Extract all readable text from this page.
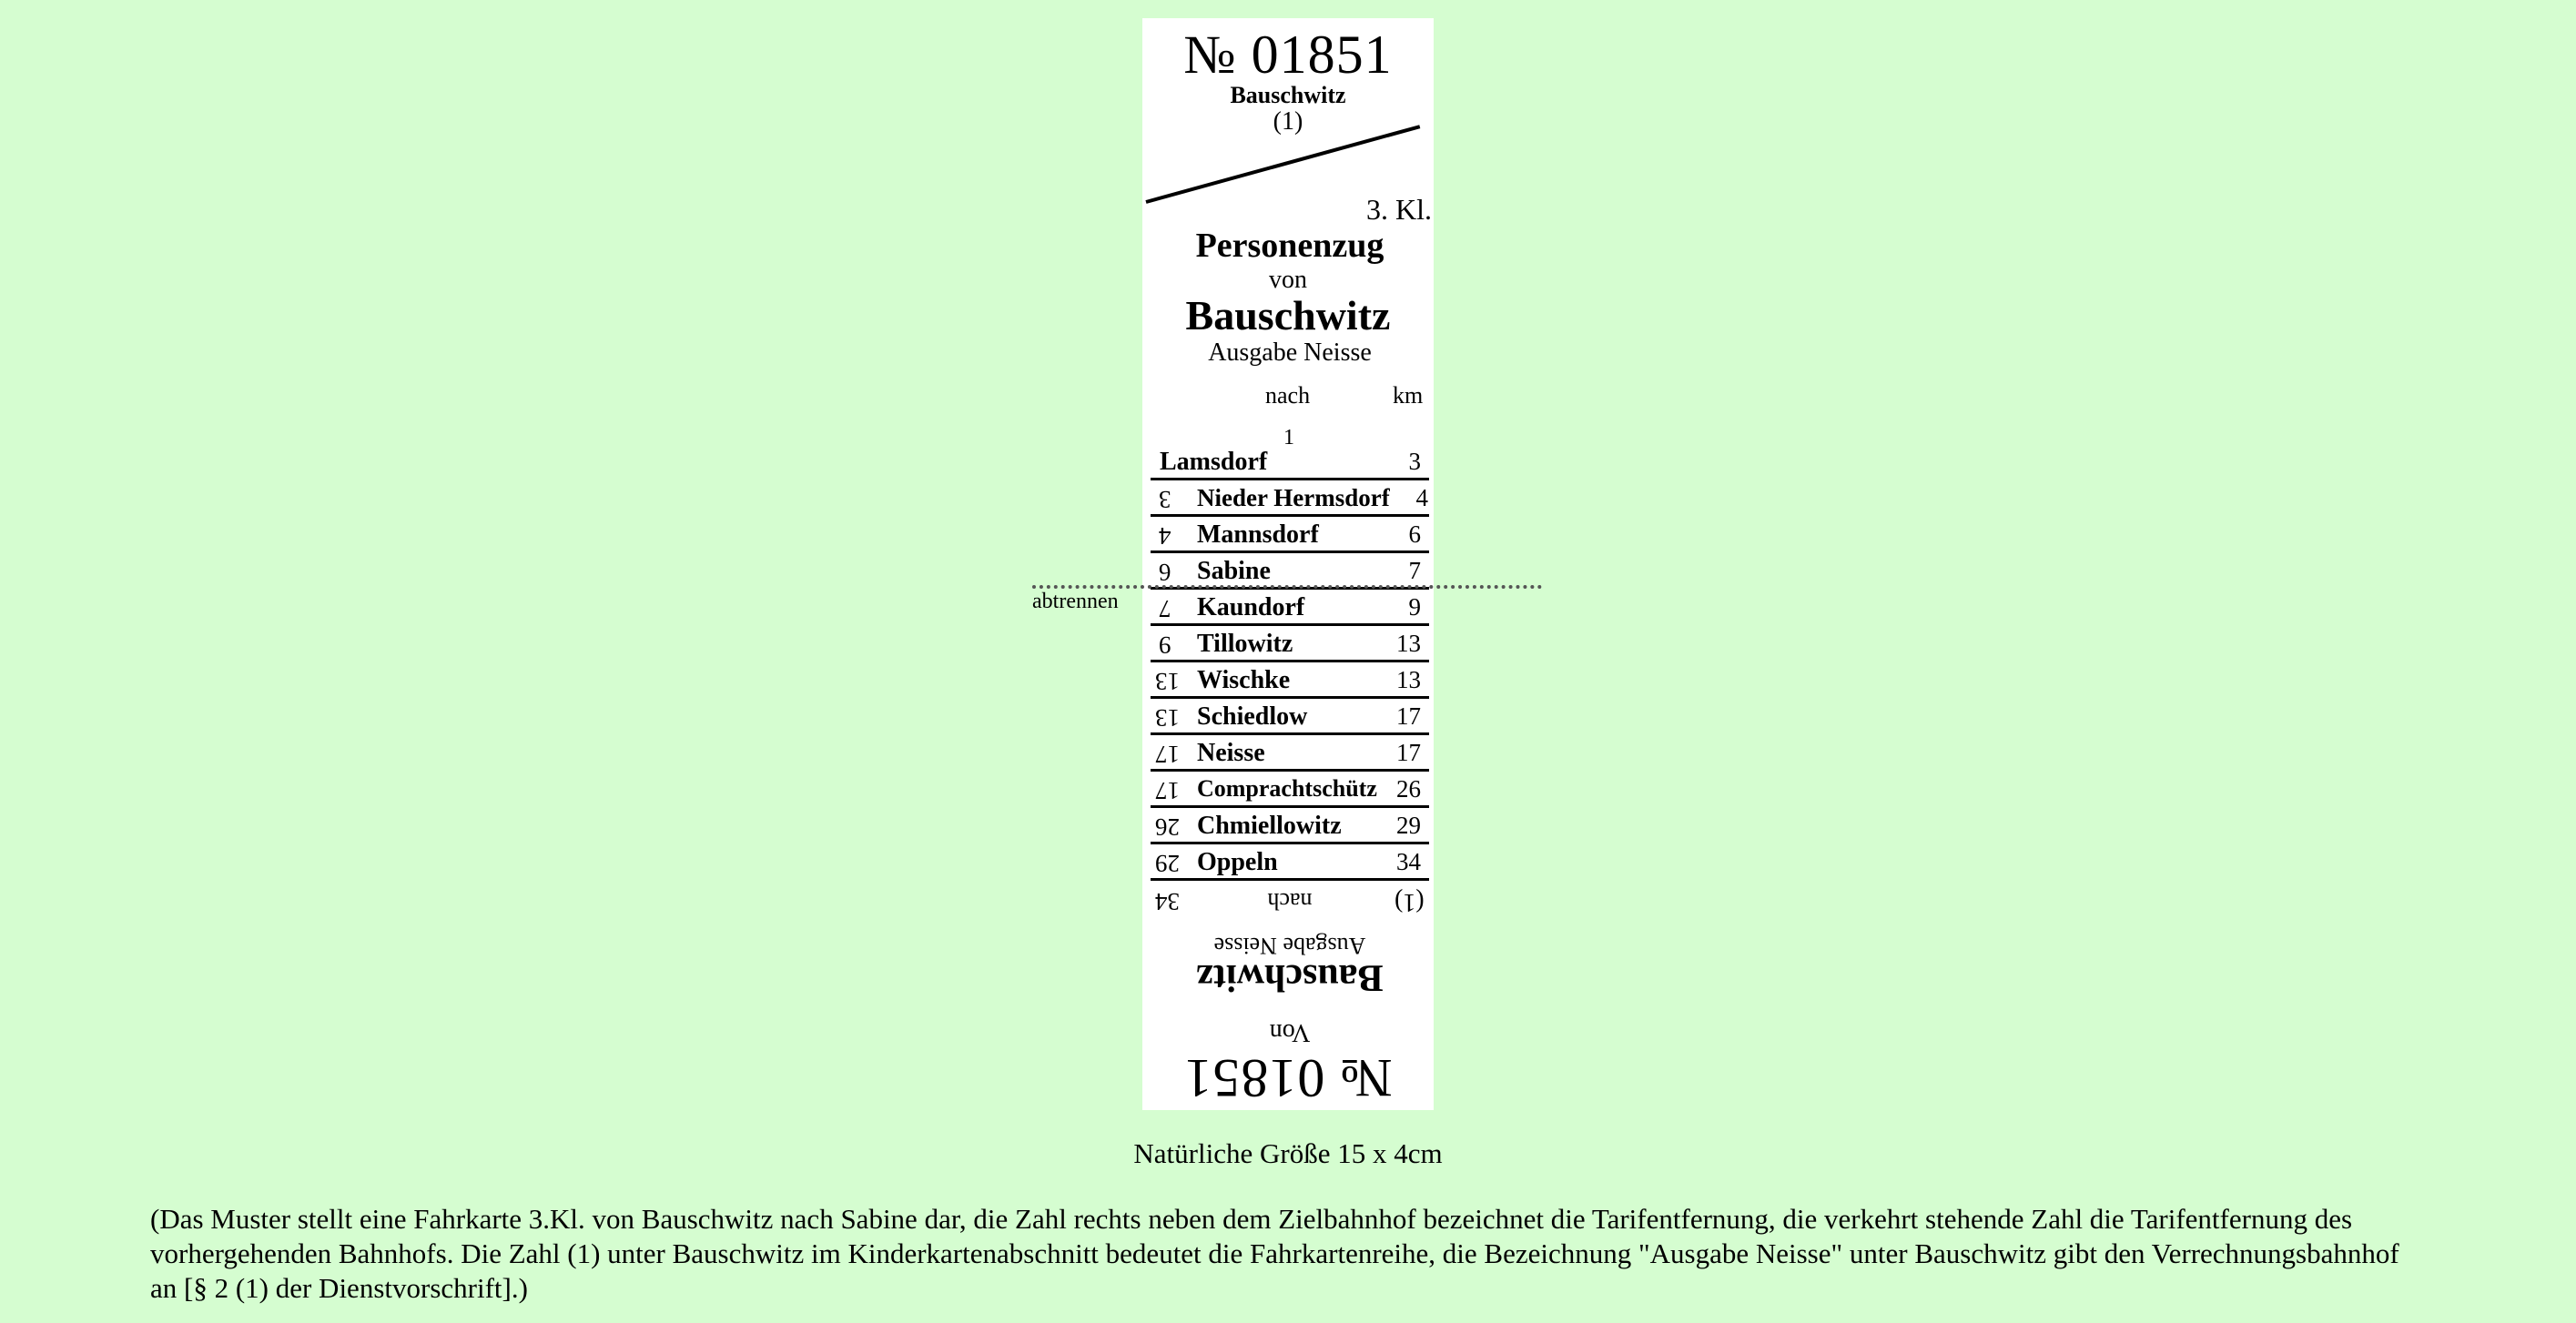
№ 01851
Bauschwitz
(1)
3. Kl.
Personenzug
von
Bauschwitz
Ausgabe Neisse
nach	km
1
Lamsdorf	3
3 Nieder Hermsdorf 4
4 Mannsdorf	6
6 Sabine	7
7 Kaundorf	9
9 Tillowitz	13
13 Wischke	13
13 Schiedlow	17
17 Neisse	17
17 Comprachtschütz 26
26 Chmiellowitz 29
29 Oppeln	34
34	nach	(1)
Ausgabe Neisse
Bauschwitz
Von
№ 01851
abtrennen
Natürliche Größe 15 x 4cm
(Das Muster stellt eine Fahrkarte 3.Kl. von Bauschwitz nach Sabine dar, die Zahl rechts neben dem Zielbahnhof bezeichnet die Tarifentfernung, die verkehrt stehende Zahl die Tarifentfernung des vorhergehenden Bahnhofs. Die Zahl (1) unter Bauschwitz im Kinderkartenabschnitt bedeutet die Fahrkartenreihe, die Bezeichnung "Ausgabe Neisse" unter Bauschwitz gibt den Verrechnungsbahnhof an [§ 2 (1) der Dienstvorschrift].)
